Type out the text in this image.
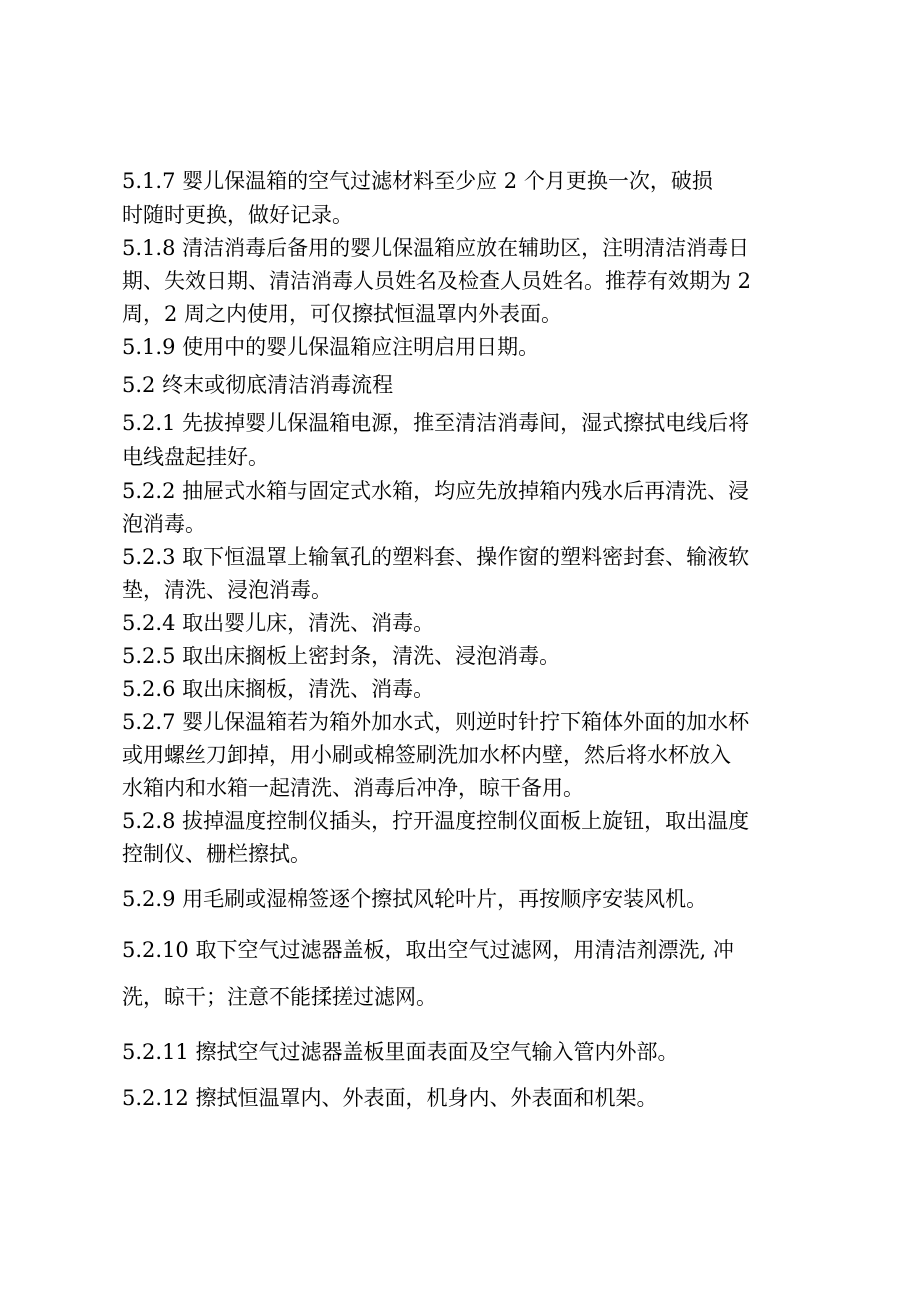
5.1.7 婴儿保温箱的空气过滤材料至少应 2 个月更换一次，破损

时随时更换，做好记录。

5.1.8 清洁消毒后备用的婴儿保温箱应放在辅助区，注明清洁消毒日

期、失效日期、清洁消毒人员姓名及检查人员姓名。推荐有效期为 2

周，2 周之内使用，可仅擦拭恒温罩内外表面。

5.1.9 使用中的婴儿保温箱应注明启用日期。

5.2 终末或彻底清洁消毒流程

5.2.1 先拔掉婴儿保温箱电源，推至清洁消毒间，湿式擦拭电线后将

电线盘起挂好。

5.2.2 抽屉式水箱与固定式水箱，均应先放掉箱内残水后再清洗、浸

泡消毒。

5.2.3 取下恒温罩上输氧孔的塑料套、操作窗的塑料密封套、输液软

垫，清洗、浸泡消毒。

5.2.4 取出婴儿床，清洗、消毒。

5.2.5 取出床搁板上密封条，清洗、浸泡消毒。

5.2.6 取出床搁板，清洗、消毒。

5.2.7 婴儿保温箱若为箱外加水式，则逆时针拧下箱体外面的加水杯

或用螺丝刀卸掉，用小刷或棉签刷洗加水杯内壁，然后将水杯放入

水箱内和水箱一起清洗、消毒后冲净，晾干备用。

5.2.8 拔掉温度控制仪插头，拧开温度控制仪面板上旋钮，取出温度

控制仪、栅栏擦拭。

5.2.9 用毛刷或湿棉签逐个擦拭风轮叶片，再按顺序安装风机。

5.2.10 取下空气过滤器盖板，取出空气过滤网，用清洁剂漂洗, 冲

洗，晾干；注意不能揉搓过滤网。

5.2.11 擦拭空气过滤器盖板里面表面及空气输入管内外部。

5.2.12 擦拭恒温罩内、外表面，机身内、外表面和机架。
